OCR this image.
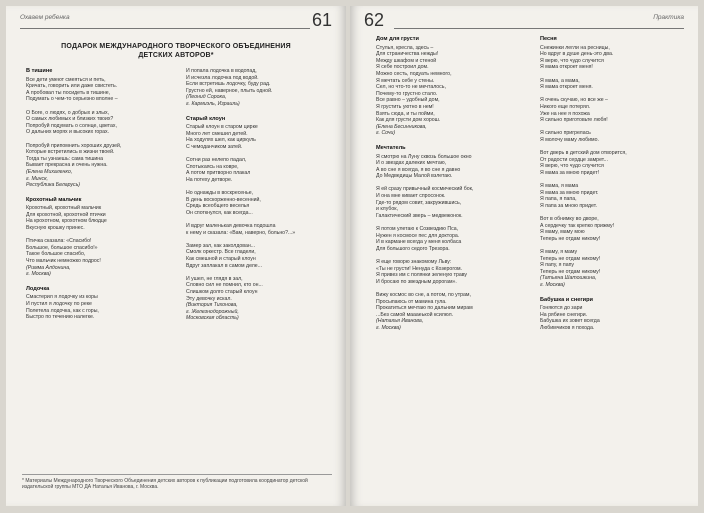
Охваем ребенка	61
ПОДАРОК МЕЖДУНАРОДНОГО ТВОРЧЕСКОГО ОБЪЕДИНЕНИЯ
ДЕТСКИХ АВТОРОВ*
В тишине
Все дети умеют смеяться и петь,
Кричать, говорить или даже свистеть.
А пробовал ты посидеть в тишине,
Подумать о чем-то серьезно вполне –

О Боге, о людях, о добрых и злых,
О самых любимых и близких твоих?
Попробуй подумать о солнце, цветах,
О дальних морях и высоких горах.

Попробуй припомнить хороших друзей,
Которые встретились в жизни твоей.
Тогда ты узнаешь: сама тишина
Бывает прекрасна и очень нужна.
(Елена Михаленко,
г. Минск,
Республика Беларусь)
Крохотный мальчик
Крохотный, крохотный мальчик
Для крохотной, крохотной птички
На крохотном, крохотном блюдце
Вкусную крошку принес.

Птичка сказала: «Спасибо!
Большое, большое спасибо!»
Такое большое спасибо,
Что мальчик немножко подрос!
(Римма Алдонина,
г. Москва)
Лодочка
Смастерил я лодочку из коры
И пустил я лодочку по реке
Полетела лодочка, как с горы,
Быстро по течению налегке.
И попала лодочка в водопад,
И исчезла лодочка под водой.
Если встретишь лодочку, буду рад.
Грустно ей, наверное, плыть одной.
(Леонид Сорока,
г. Кармиэль, Израиль)
Старый клоун
Старый клоун в старом цирке
Много лет смешил детей.
На ходулях шел, как циркуль
С чемоданчиком затей.

Сотни раз нелепо падал,
Спотыкаясь на ковре,
А потом притворно плакал
На потеху детворе.

Но однажды в воскресенье,
В день воскорженно-весенний,
Средь всеобщего веселья
Он споткнулся, как всегда...

И вдруг маленькая девочка подошла
к нему и сказала: «Вам, наверно, больно?...»

Замер зал, как заколдован...
Смолк оркестр. Все гладели,
Как смешной и старый клоун
Вдруг заплакал в самом деле...

И ушел, не глядя в зал,
Словно сил не помнил, кто он...
Слишком долго старый клоун
Эту девочку искал.
(Виктория Тихонова,
г. Железнодорожный,
Московская область)
* Материалы Международного Творческого Объединения детских авторов к публикации подготовила координатор детской издательской группы МТО ДА Наталья Иванова, г. Москва.
62	Практика
Дом для грусти
Стулья, кресла, здесь –
Для страничества нежды!
Между шкафом и стеной
Я себе построил дом.
Можно сесть, подуать немного,
Я мечтать себе у стены.
Сел, но что-то не мечталось,
Почему-то грустно стало.
Все равно – удобный дом,
Я грустить уютно в нем!
Взять сюда, и ты пойми,
Как для грусти дом хорош.
(Елена Бесинникова,
г. Сочи)
Мечтатель
Я смотрю на Луну сквозь большое окно
И о звездах далеких мечтаю,
А во сне я всегда, я во сне я давно
До Медведицы Малой взлетаю.

Я ей сразу привычный космический бок,
И она мне кивает спросонок.
Где-то рядом совит, закружившись,
и клубок,
Галактический зверь – медвежонок.

Я потом улетаю к Созвездию Пса,
Нужен я космосе пес для доктора.
И в кармане всегда у меня колбаса
Для большого седого Трезора.

Я еще говорю знакомому Льву:
«Ты не грусти! Ненуда с Козерогом.
Я привез им с полянки зеленую траву
И бросаю по звездным дорогам».

Вижу космос во сне, а потом, по утрам,
Просыпаюсь от мамина гула.
Прокатиться мечтаю по дальним мирам
...Без самой маааеькой ксилюл.
(Наталья Иванова,
г. Москва)
Песня
Снежинки легли на ресницы,
Но вдруг в душе день-это два.
Я верю, что чудо случится
Я мама откроет меня!

Я мама, а мама,
Я мама откроет меня.

Я очень скучаю, но все же –
Никого еще потерял.
Уже на нее я похожа
Я сильно приготовьте любя!

Я сильно пригрелась
Я молочу маму любимо.

Вот дверь в детский дом отворится,
От радости сердце замрет...
Я верю, что чудо случится
Я мама за мною придет!

Я мама, я мама
Я мама за мною придет.
Я папа, я папа,
Я папа за мною придет.

Вот в обнимку во дворе,
А сердечку так крепко прижму!
Я маму, маму мою
Теперь не отдам никому!

Я маму, я маму
Теперь не отдам никому!
Я папу, я папу
Теперь не отдам никому!
(Татьяна Шатошкина,
г. Москва)
Бабушка и снегири
Гоняются до зари
На рябине снегири.
Бабушка их зовет всегда
Любимчиков я похода.
